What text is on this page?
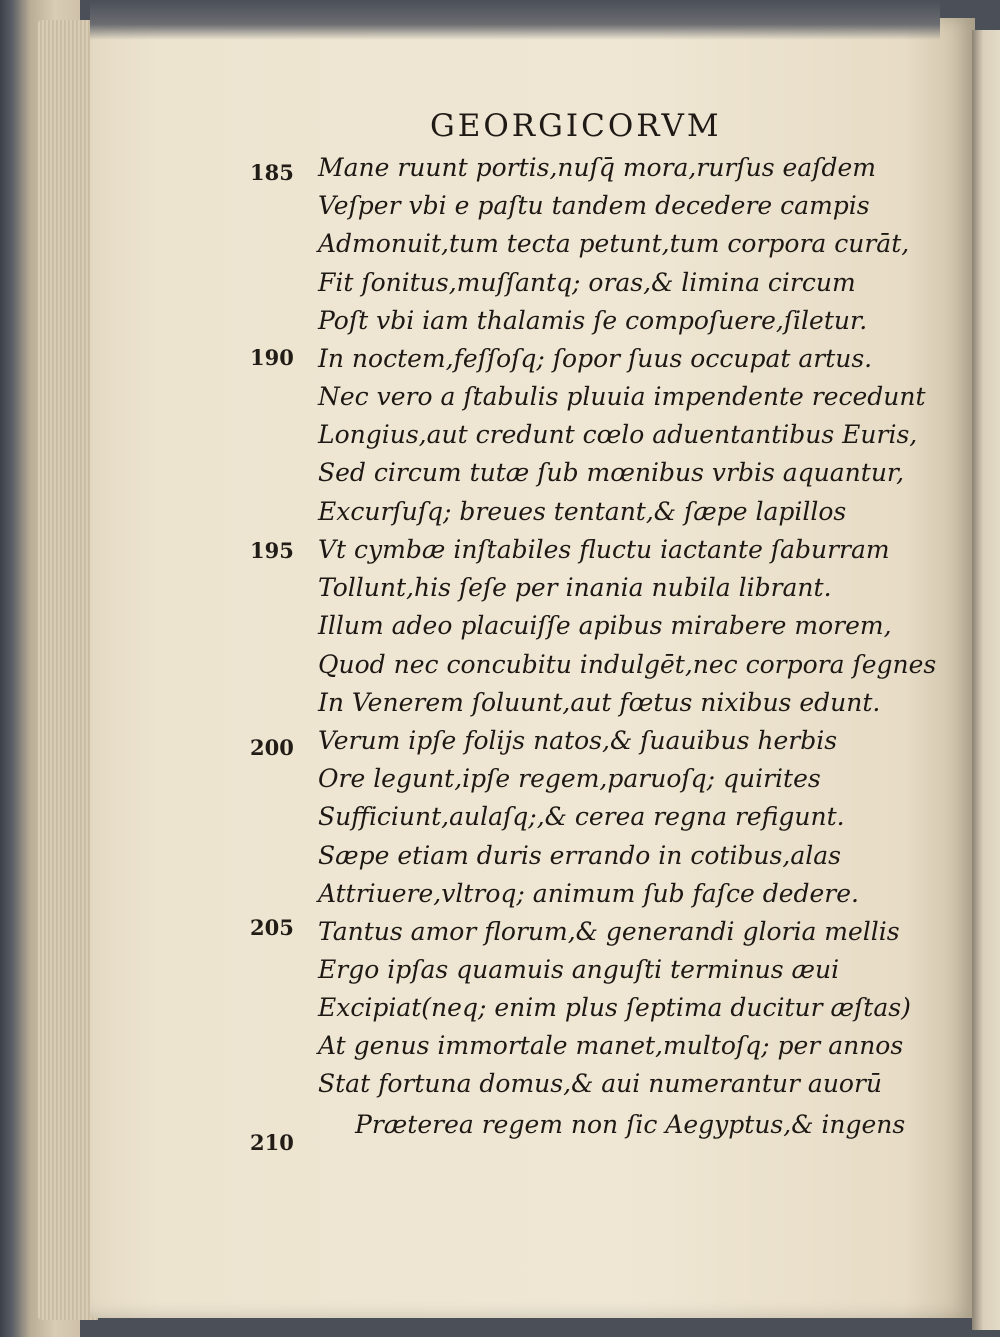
GEORGICORVM
185
190
195
200
205
210
Mane ruunt portis,nuſq̄ mora,rurſus eaſdem
Veſper vbi e paſtu tandem decedere campis
Admonuit,tum tecta petunt,tum corpora curāt,
Fit ſonitus,muſſantq; oras,& limina circum
Poſt vbi iam thalamis ſe compoſuere,ſiletur.
In noctem,feſſoſq; ſopor ſuus occupat artus.
Nec vero a ſtabulis pluuia impendente recedunt
Longius,aut credunt cœlo aduentantibus Euris,
Sed circum tutæ ſub mœnibus vrbis aquantur,
Excurſuſq; breues tentant,& ſæpe lapillos
Vt cymbæ inſtabiles fluctu iactante ſaburram
Tollunt,his ſeſe per inania nubila librant.
Illum adeo placuiſſe apibus mirabere morem,
Quod nec concubitu indulgēt,nec corpora ſegnes
In Venerem ſoluunt,aut fœtus nixibus edunt.
Verum ipſe folijs natos,& ſuauibus herbis
Ore legunt,ipſe regem,paruoſq; quirites
Sufficiunt,aulaſq;,& cerea regna refigunt.
Sæpe etiam duris errando in cotibus,alas
Attriuere,vltroq; animum ſub faſce dedere.
Tantus amor florum,& generandi gloria mellis
Ergo ipſas quamuis anguſti terminus æui
Excipiat(neq; enim plus ſeptima ducitur æſtas)
At genus immortale manet,multoſq; per annos
Stat fortuna domus,& aui numerantur auorū
Præterea regem non ſic Aegyptus,& ingens
